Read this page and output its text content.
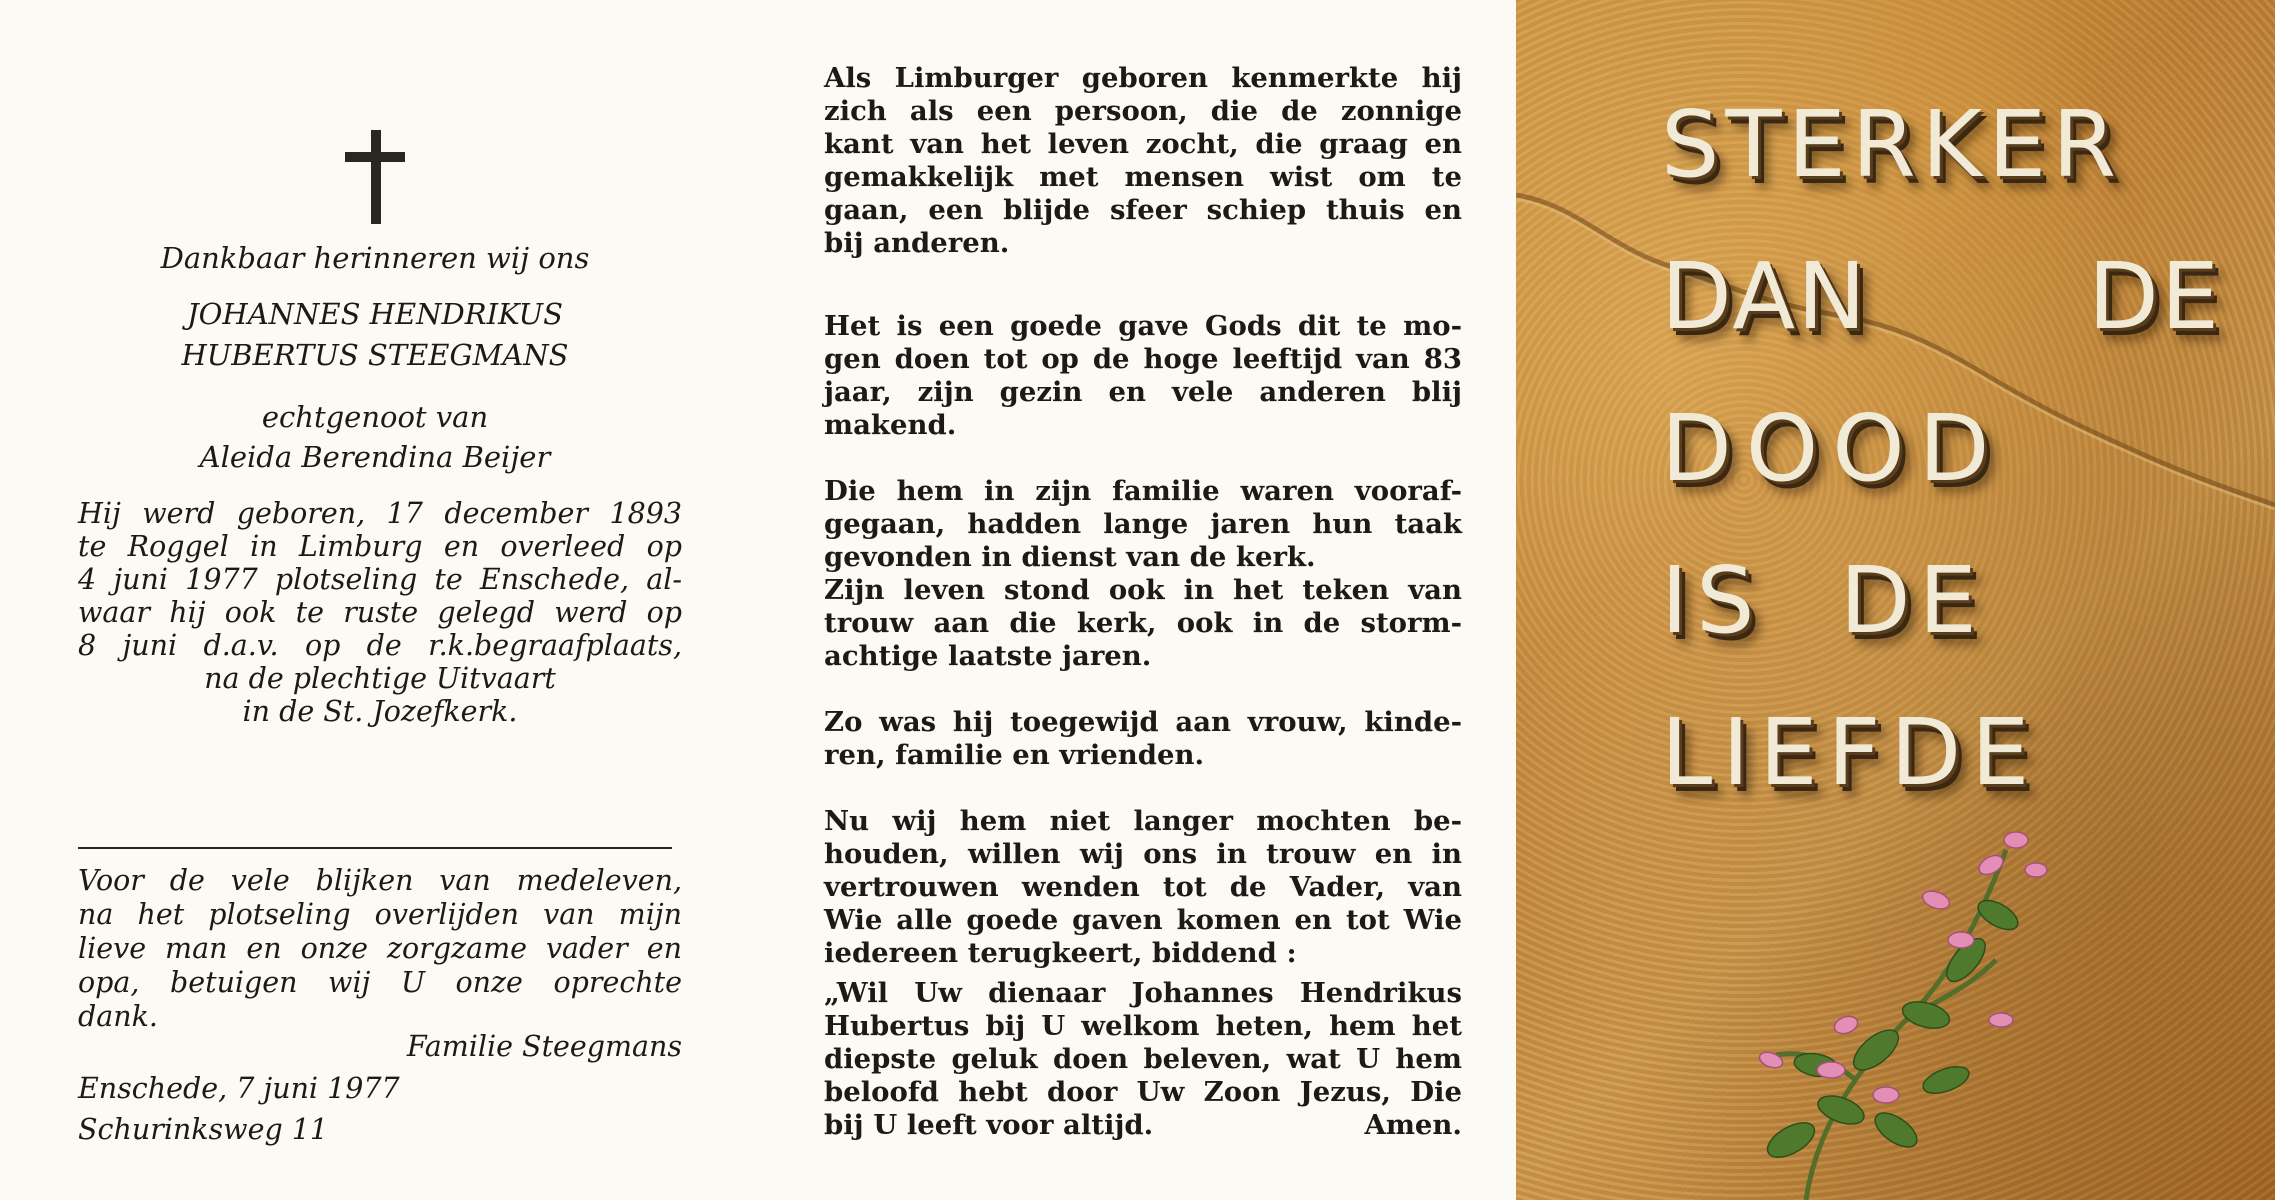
Dankbaar herinneren wij ons
JOHANNES HENDRIKUS
HUBERTUS STEEGMANS
echtgenoot van
Aleida Berendina Beijer
Hij werd geboren, 17 december 1893
te Roggel in Limburg en overleed op
4 juni 1977 plotseling te Enschede, al-
waar hij ook te ruste gelegd werd op
8 juni d.a.v. op de r.k.begraafplaats,
na de plechtige Uitvaart
in de St. Jozefkerk.
Voor de vele blijken van medeleven,
na het plotseling overlijden van mijn
lieve man en onze zorgzame vader en
opa, betuigen wij U onze oprechte
dank.
Familie Steegmans
Enschede, 7 juni 1977
Schurinksweg 11
Als Limburger geboren kenmerkte hij
zich als een persoon, die de zonnige
kant van het leven zocht, die graag en
gemakkelijk met mensen wist om te
gaan, een blijde sfeer schiep thuis en
bij anderen.
Het is een goede gave Gods dit te mo-
gen doen tot op de hoge leeftijd van 83
jaar, zijn gezin en vele anderen blij
makend.
Die hem in zijn familie waren vooraf-
gegaan, hadden lange jaren hun taak
gevonden in dienst van de kerk.
Zijn leven stond ook in het teken van
trouw aan die kerk, ook in de storm-
achtige laatste jaren.
Zo was hij toegewijd aan vrouw, kinde-
ren, familie en vrienden.
Nu wij hem niet langer mochten be-
houden, willen wij ons in trouw en in
vertrouwen wenden tot de Vader, van
Wie alle goede gaven komen en tot Wie
iedereen terugkeert, biddend :
„Wil Uw dienaar Johannes Hendrikus
Hubertus bij U welkom heten, hem het
diepste geluk doen beleven, wat U hem
beloofd hebt door Uw Zoon Jezus, Die
bij U leeft voor altijd.	Amen.
STERKER
DAN DE
DOOD
IS DE
LIEFDE
